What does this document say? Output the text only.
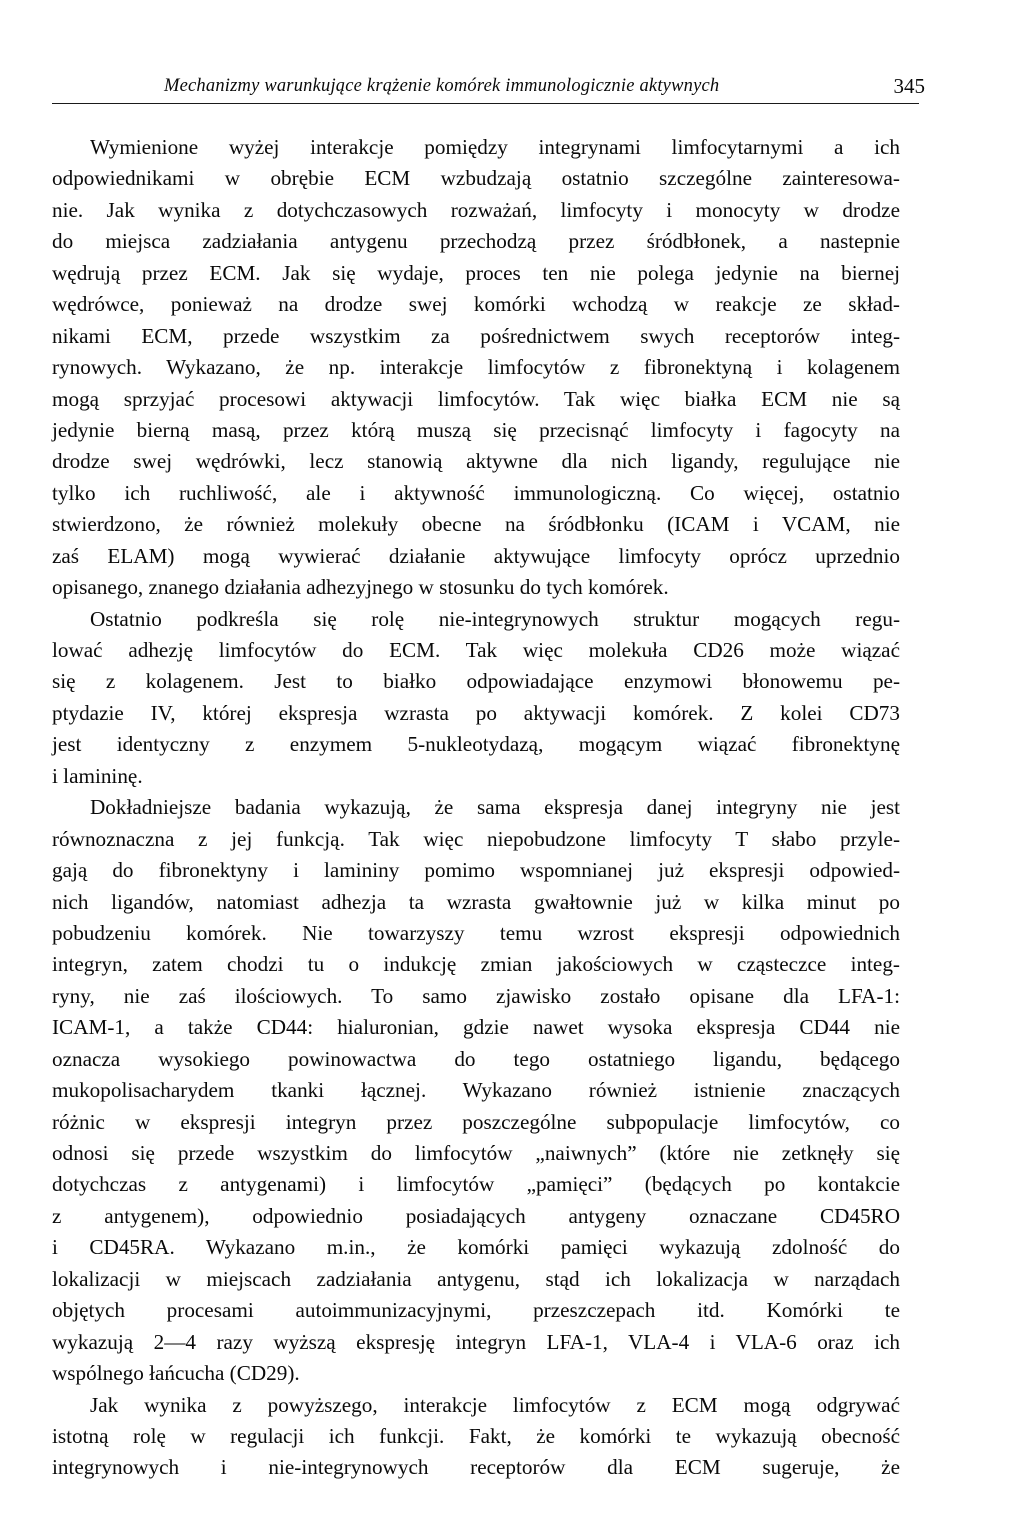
Mechanizmy warunkujące krążenie komórek immunologicznie aktywnych	345
Wymienione wyżej interakcje pomiędzy integrynami limfocytarnymi a ich
odpowiednikami w obrębie ECM wzbudzają ostatnio szczególne zainteresowa-
nie. Jak wynika z dotychczasowych rozważań, limfocyty i monocyty w drodze
do miejsca zadziałania antygenu przechodzą przez śródbłonek, a nastepnie
wędrują przez ECM. Jak się wydaje, proces ten nie polega jedynie na biernej
wędrówce, ponieważ na drodze swej komórki wchodzą w reakcje ze skład-
nikami ECM, przede wszystkim za pośrednictwem swych receptorów integ-
rynowych. Wykazano, że np. interakcje limfocytów z fibronektyną i kolagenem
mogą sprzyjać procesowi aktywacji limfocytów. Tak więc białka ECM nie są
jedynie bierną masą, przez którą muszą się przecisnąć limfocyty i fagocyty na
drodze swej wędrówki, lecz stanowią aktywne dla nich ligandy, regulujące nie
tylko ich ruchliwość, ale i aktywność immunologiczną. Co więcej, ostatnio
stwierdzono, że również molekuły obecne na śródbłonku (ICAM i VCAM, nie
zaś ELAM) mogą wywierać działanie aktywujące limfocyty oprócz uprzednio
opisanego, znanego działania adhezyjnego w stosunku do tych komórek.
Ostatnio podkreśla się rolę nie-integrynowych struktur mogących regu-
lować adhezję limfocytów do ECM. Tak więc molekuła CD26 może wiązać
się z kolagenem. Jest to białko odpowiadające enzymowi błonowemu pe-
ptydazie IV, której ekspresja wzrasta po aktywacji komórek. Z kolei CD73
jest identyczny z enzymem 5-nukleotydazą, mogącym wiązać fibronektynę
i lamininę.
Dokładniejsze badania wykazują, że sama ekspresja danej integryny nie jest
równoznaczna z jej funkcją. Tak więc niepobudzone limfocyty T słabo przyle-
gają do fibronektyny i lamininy pomimo wspomnianej już ekspresji odpowied-
nich ligandów, natomiast adhezja ta wzrasta gwałtownie już w kilka minut po
pobudzeniu komórek. Nie towarzyszy temu wzrost ekspresji odpowiednich
integryn, zatem chodzi tu o indukcję zmian jakościowych w cząsteczce integ-
ryny, nie zaś ilościowych. To samo zjawisko zostało opisane dla LFA-1:
ICAM-1, a także CD44: hialuronian, gdzie nawet wysoka ekspresja CD44 nie
oznacza wysokiego powinowactwa do tego ostatniego ligandu, będącego
mukopolisacharydem tkanki łącznej. Wykazano również istnienie znaczących
różnic w ekspresji integryn przez poszczególne subpopulacje limfocytów, co
odnosi się przede wszystkim do limfocytów „naiwnych” (które nie zetknęły się
dotychczas z antygenami) i limfocytów „pamięci” (będących po kontakcie
z antygenem), odpowiednio posiadających antygeny oznaczane CD45RO
i CD45RA. Wykazano m.in., że komórki pamięci wykazują zdolność do
lokalizacji w miejscach zadziałania antygenu, stąd ich lokalizacja w narządach
objętych procesami autoimmunizacyjnymi, przeszczepach itd. Komórki te
wykazują 2—4 razy wyższą ekspresję integryn LFA-1, VLA-4 i VLA-6 oraz ich
wspólnego łańcucha (CD29).
Jak wynika z powyższego, interakcje limfocytów z ECM mogą odgrywać
istotną rolę w regulacji ich funkcji. Fakt, że komórki te wykazują obecność
integrynowych i nie-integrynowych receptorów dla ECM sugeruje, że
